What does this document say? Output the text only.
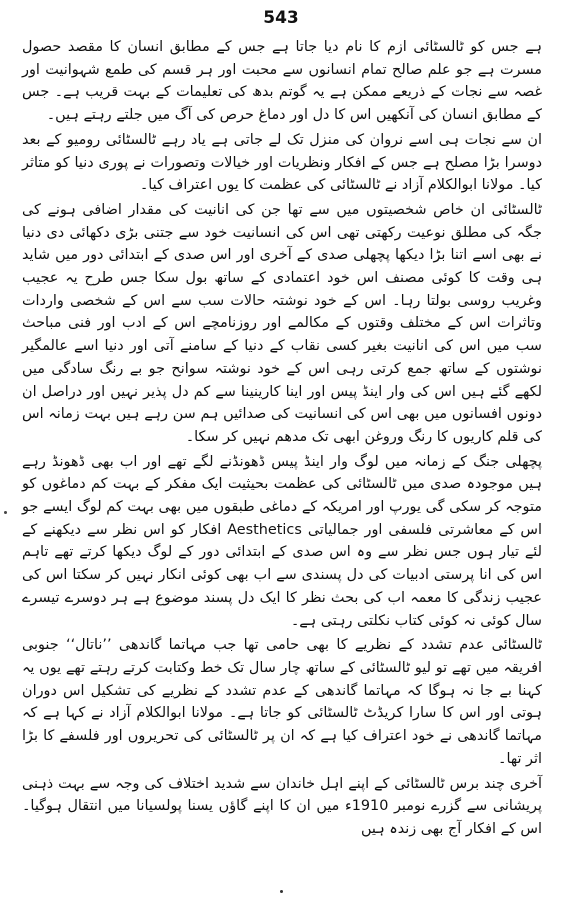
543

ہے جس کو ٹالسٹائی ازم کا نام دیا جاتا ہے جس کے مطابق انسان کا مقصد حصول مسرت ہے جو علم صالح تمام انسانوں سے محبت اور ہر قسم کی طمع شہوانیت اور غصہ سے نجات کے ذریعے ممکن ہے یہ گوتم بدھ کی تعلیمات کے بہت قریب ہے۔ جس کے مطابق انسان کی آنکھیں اس کا دل اور دماغ حرص کی آگ میں جلتے رہتے ہیں۔

ان سے نجات ہی اسے نروان کی منزل تک لے جاتی ہے یاد رہے ٹالسٹائی رومیو کے بعد دوسرا بڑا مصلح ہے جس کے افکار ونظریات اور خیالات وتصورات نے پوری دنیا کو متاثر کیا۔ مولانا ابوالکلام آزاد نے ٹالسٹائی کی عظمت کا یوں اعتراف کیا۔

ٹالسٹائی ان خاص شخصیتوں میں سے تھا جن کی انانیت کی مقدار اضافی ہونے کی جگہ کی مطلق نوعیت رکھتی تھی اس کی انسانیت خود سے جتنی بڑی دکھائی دی دنیا نے بھی اسے اتنا بڑا دیکھا پچھلی صدی کے آخری اور اس صدی کے ابتدائی دور میں شاید ہی وقت کا کوئی مصنف اس خود اعتمادی کے ساتھ بول سکا جس طرح یہ عجیب وغریب روسی بولتا رہا۔ اس کے خود نوشتہ حالات سب سے اس کے شخصی واردات وتاثرات اس کے مختلف وقتوں کے مکالمے اور روزنامچے اس کے ادب اور فنی مباحث سب میں اس کی انانیت بغیر کسی نقاب کے دنیا کے سامنے آتی اور دنیا اسے عالمگیر نوشتوں کے ساتھ جمع کرتی رہی اس کے خود نوشتہ سوانح جو بے رنگ سادگی میں لکھے گئے ہیں اس کی وار اینڈ پیس اور اینا کارینینا سے کم دل پذیر نہیں اور دراصل ان دونوں افسانوں میں بھی اس کی انسانیت کی صدائیں ہم سن رہے ہیں بہت زمانہ اس کی قلم کاریوں کا رنگ وروغن ابھی تک مدھم نہیں کر سکا۔

پچھلی جنگ کے زمانہ میں لوگ وار اینڈ پیس ڈھونڈنے لگے تھے اور اب بھی ڈھونڈ رہے ہیں موجودہ صدی میں ٹالسٹائی کی عظمت بحیثیت ایک مفکر کے بہت کم دماغوں کو متوجہ کر سکی گی یورپ اور امریکہ کے دماغی طبقوں میں بھی بہت کم لوگ ایسے جو اس کے معاشرتی فلسفی اور جمالیاتی Aesthetics افکار کو اس نظر سے دیکھنے کے لئے تیار ہوں جس نظر سے وہ اس صدی کے ابتدائی دور کے لوگ دیکھا کرتے تھے تاہم اس کی انا پرستی ادبیات کی دل پسندی سے اب بھی کوئی انکار نہیں کر سکتا اس کی عجیب زندگی کا معمہ اب کی بحث نظر کا ایک دل پسند موضوع ہے ہر دوسرے تیسرے سال کوئی نہ کوئی کتاب نکلتی رہتی ہے۔

ٹالسٹائی عدم تشدد کے نظریے کا بھی حامی تھا جب مہاتما گاندھی ’’ناتال‘‘ جنوبی افریقہ میں تھے تو لیو ٹالسٹائی کے ساتھ چار سال تک خط وکتابت کرتے رہتے تھے یوں یہ کہنا بے جا نہ ہوگا کہ مہاتما گاندھی کے عدم تشدد کے نظریے کی تشکیل اس دوران ہوتی اور اس کا سارا کریڈٹ ٹالسٹائی کو جاتا ہے۔ مولانا ابوالکلام آزاد نے کہا ہے کہ مہاتما گاندھی نے خود اعتراف کیا ہے کہ ان پر ٹالسٹائی کی تحریروں اور فلسفے کا بڑا اثر تھا۔

آخری چند برس ٹالسٹائی کے اپنے اہل خاندان سے شدید اختلاف کی وجہ سے بہت ذہنی پریشانی سے گزرے نومبر 1910ء میں ان کا اپنے گاؤں یسنا پولسیانا میں انتقال ہوگیا۔ اس کے افکار آج بھی زندہ ہیں
